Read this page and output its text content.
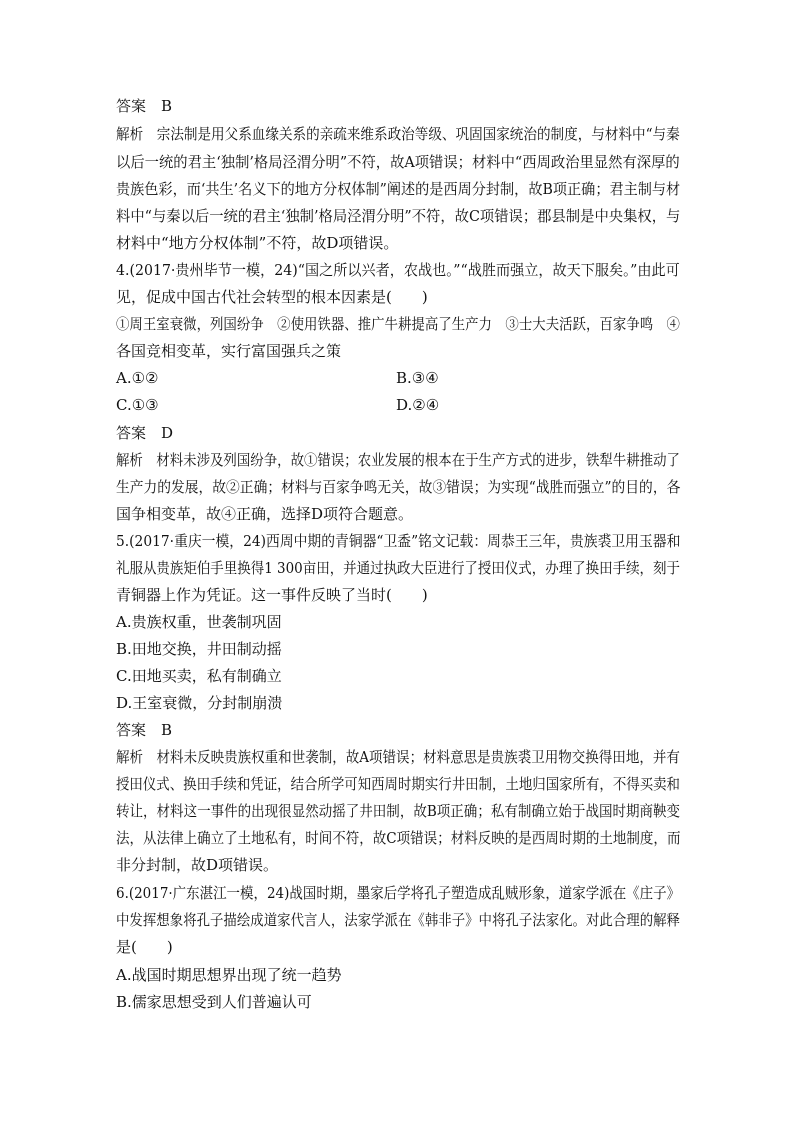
答案　B
解析　宗法制是用父系血缘关系的亲疏来维系政治等级、巩固国家统治的制度，与材料中“与秦
以后一统的君主‘独制’格局泾渭分明”不符，故A项错误；材料中“西周政治里显然有深厚的
贵族色彩，而‘共生’名义下的地方分权体制”阐述的是西周分封制，故B项正确；君主制与材
料中“与秦以后一统的君主‘独制’格局泾渭分明”不符，故C项错误；郡县制是中央集权，与
材料中“地方分权体制”不符，故D项错误。
4.(2017·贵州毕节一模，24)“国之所以兴者，农战也。”“战胜而强立，故天下服矣。”由此可
见，促成中国古代社会转型的根本因素是(　　)
①周王室衰微，列国纷争　②使用铁器、推广牛耕提高了生产力　③士大夫活跃，百家争鸣　④
各国竞相变革，实行富国强兵之策
A.①②	B.③④
C.①③	D.②④
答案　D
解析　材料未涉及列国纷争，故①错误；农业发展的根本在于生产方式的进步，铁犁牛耕推动了
生产力的发展，故②正确；材料与百家争鸣无关，故③错误；为实现“战胜而强立”的目的，各
国争相变革，故④正确，选择D项符合题意。
5.(2017·重庆一模，24)西周中期的青铜器“卫盉”铭文记载：周恭王三年，贵族裘卫用玉器和
礼服从贵族矩伯手里换得1 300亩田，并通过执政大臣进行了授田仪式，办理了换田手续，刻于
青铜器上作为凭证。这一事件反映了当时(　　)
A.贵族权重，世袭制巩固
B.田地交换，井田制动摇
C.田地买卖，私有制确立
D.王室衰微，分封制崩溃
答案　B
解析　材料未反映贵族权重和世袭制，故A项错误；材料意思是贵族裘卫用物交换得田地，并有
授田仪式、换田手续和凭证，结合所学可知西周时期实行井田制，土地归国家所有，不得买卖和
转让，材料这一事件的出现很显然动摇了井田制，故B项正确；私有制确立始于战国时期商鞅变
法，从法律上确立了土地私有，时间不符，故C项错误；材料反映的是西周时期的土地制度，而
非分封制，故D项错误。
6.(2017·广东湛江一模，24)战国时期，墨家后学将孔子塑造成乱贼形象，道家学派在《庄子》
中发挥想象将孔子描绘成道家代言人，法家学派在《韩非子》中将孔子法家化。对此合理的解释
是(　　)
A.战国时期思想界出现了统一趋势
B.儒家思想受到人们普遍认可
